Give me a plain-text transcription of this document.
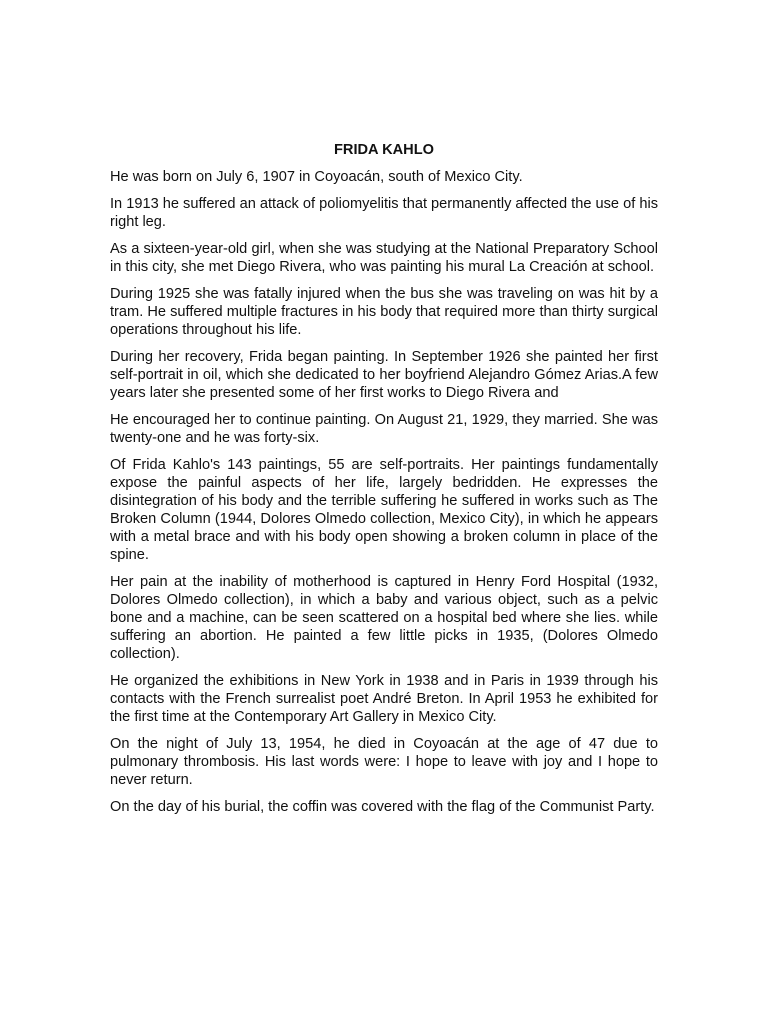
FRIDA KAHLO

He was born on July 6, 1907 in Coyoacán, south of Mexico City.

In 1913 he suffered an attack of poliomyelitis that permanently affected the use of his right leg.

As a sixteen-year-old girl, when she was studying at the National Preparatory School in this city, she met Diego Rivera, who was painting his mural La Creación at school.

During 1925 she was fatally injured when the bus she was traveling on was hit by a tram. He suffered multiple fractures in his body that required more than thirty surgical operations throughout his life.

During her recovery, Frida began painting. In September 1926 she painted her first self-portrait in oil, which she dedicated to her boyfriend Alejandro Gómez Arias.A few years later she presented some of her first works to Diego Rivera and

He encouraged her to continue painting. On August 21, 1929, they married. She was twenty-one and he was forty-six.

Of Frida Kahlo's 143 paintings, 55 are self-portraits. Her paintings fundamentally expose the painful aspects of her life, largely bedridden. He expresses the disintegration of his body and the terrible suffering he suffered in works such as The Broken Column (1944, Dolores Olmedo collection, Mexico City), in which he appears with a metal brace and with his body open showing a broken column in place of the spine.

Her pain at the inability of motherhood is captured in Henry Ford Hospital (1932, Dolores Olmedo collection), in which a baby and various object, such as a pelvic bone and a machine, can be seen scattered on a hospital bed where she lies. while suffering an abortion. He painted a few little picks in 1935, (Dolores Olmedo collection).

He organized the exhibitions in New York in 1938 and in Paris in 1939 through his contacts with the French surrealist poet André Breton. In April 1953 he exhibited for the first time at the Contemporary Art Gallery in Mexico City.

On the night of July 13, 1954, he died in Coyoacán at the age of 47 due to pulmonary thrombosis. His last words were: I hope to leave with joy and I hope to never return.

On the day of his burial, the coffin was covered with the flag of the Communist Party.
